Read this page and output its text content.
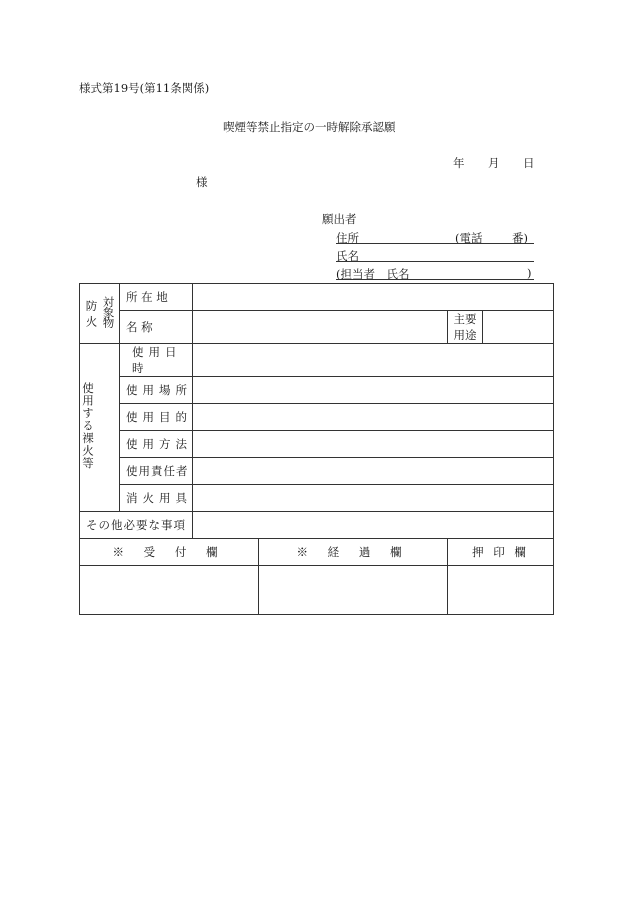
様式第19号(第11条関係)
喫煙等禁止指定の一時解除承認願
年 月 日
様
願出者
住所	(電話	番)
氏名
(担当者　氏名	)
防火 対象物	所 在 地				

	名 称			主要用途	
使用する裸火等	使用日時				

	使用場所				
	使用目的				
	使用方法				
	使用責任者				
	消火用具				
その他必要な事項					
※ 受 付 欄			※ 経 過 欄	押 印 欄	
